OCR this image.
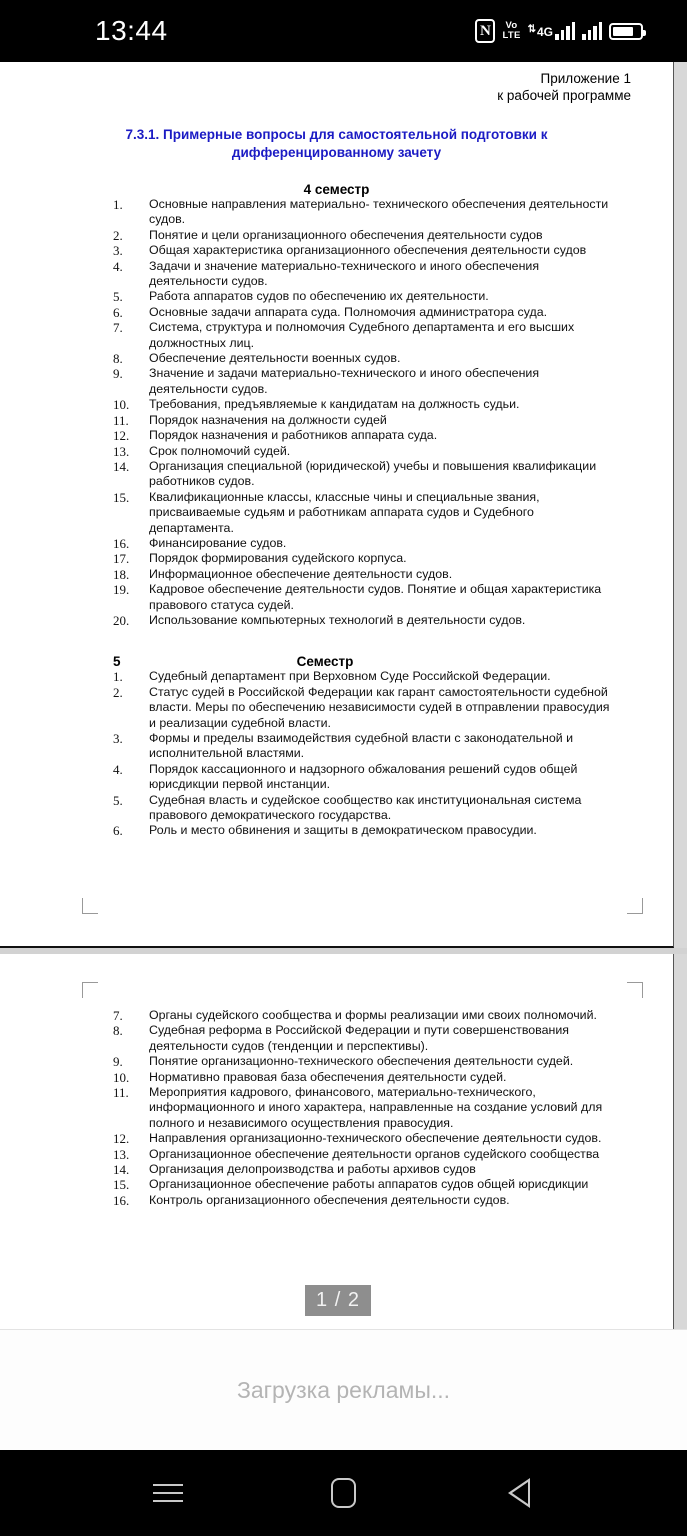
13:44	N	Vo
LTE
⇅ 4G
Приложение 1
к рабочей программе
7.3.1. Примерные вопросы для самостоятельной подготовки к дифференцированному зачету
4 семестр
1.	Основные направления материально- технического обеспечения деятельности судов.
2.	Понятие и цели организационного обеспечения деятельности судов
3.	Общая характеристика организационного обеспечения деятельности судов
4.	Задачи и значение материально-технического и иного обеспечения деятельности судов.
5.	Работа аппаратов судов по обеспечению их деятельности.
6.	Основные задачи аппарата суда. Полномочия администратора суда.
7.	Система, структура и полномочия Судебного департамента и его высших должностных лиц.
8.	Обеспечение деятельности военных судов.
9.	Значение и задачи материально-технического и иного обеспечения деятельности судов.
10.	Требования, предъявляемые к кандидатам на должность судьи.
11.	Порядок назначения на должности судей
12.	Порядок назначения и работников аппарата суда.
13.	Срок полномочий судей.
14.	Организация специальной (юридической) учебы и повышения квалификации работников судов.
15.	Квалификационные классы, классные чины и специальные звания, присваиваемые судьям и работникам аппарата судов и Судебного департамента.
16.	Финансирование судов.
17.	Порядок формирования судейского корпуса.
18.	Информационное обеспечение деятельности судов.
19.	Кадровое обеспечение деятельности судов. Понятие и общая характеристика правового статуса судей.
20.	Использование компьютерных технологий в деятельности судов.
5	Семестр
1.	Судебный департамент при Верховном Суде Российской Федерации.
2.	Статус судей в Российской Федерации как гарант самостоятельности судебной власти. Меры по обеспечению независимости судей в отправлении правосудия и реализации судебной власти.
3.	Формы и пределы взаимодействия судебной власти с законодательной и исполнительной властями.
4.	Порядок кассационного и надзорного обжалования решений судов общей юрисдикции первой инстанции.
5.	Судебная власть и судейское сообщество как институциональная система правового демократического государства.
6.	Роль и место обвинения и защиты в демократическом правосудии.
7.	Органы судейского сообщества и формы реализации ими своих полномочий.
8.	Судебная реформа в Российской Федерации и пути совершенствования деятельности судов (тенденции и перспективы).
9.	Понятие организационно-технического обеспечения деятельности судей.
10.	Нормативно правовая база обеспечения деятельности судей.
11.	Мероприятия кадрового, финансового, материально-технического, информационного и иного характера, направленные на создание условий для полного и независимого осуществления правосудия.
12.	Направления организационно-технического обеспечение деятельности судов.
13.	Организационное обеспечение деятельности органов судейского сообщества
14.	Организация делопроизводства и работы архивов судов
15.	Организационное обеспечение работы аппаратов судов общей юрисдикции
16.	Контроль организационного обеспечения деятельности судов.
1 / 2
Загрузка рекламы...
